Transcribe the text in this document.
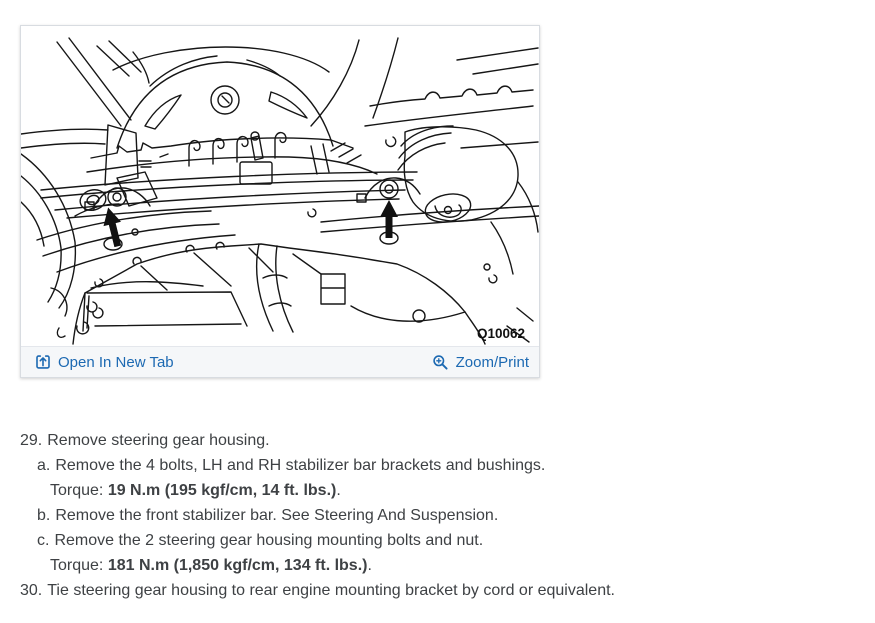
Q10062
Open In New Tab	Zoom/Print
29. Remove steering gear housing.
a. Remove the 4 bolts, LH and RH stabilizer bar brackets and bushings.
Torque: 19 N.m (195 kgf/cm, 14 ft. lbs.).
b. Remove the front stabilizer bar. See Steering And Suspension.
c. Remove the 2 steering gear housing mounting bolts and nut.
Torque: 181 N.m (1,850 kgf/cm, 134 ft. lbs.).
30. Tie steering gear housing to rear engine mounting bracket by cord or equivalent.
